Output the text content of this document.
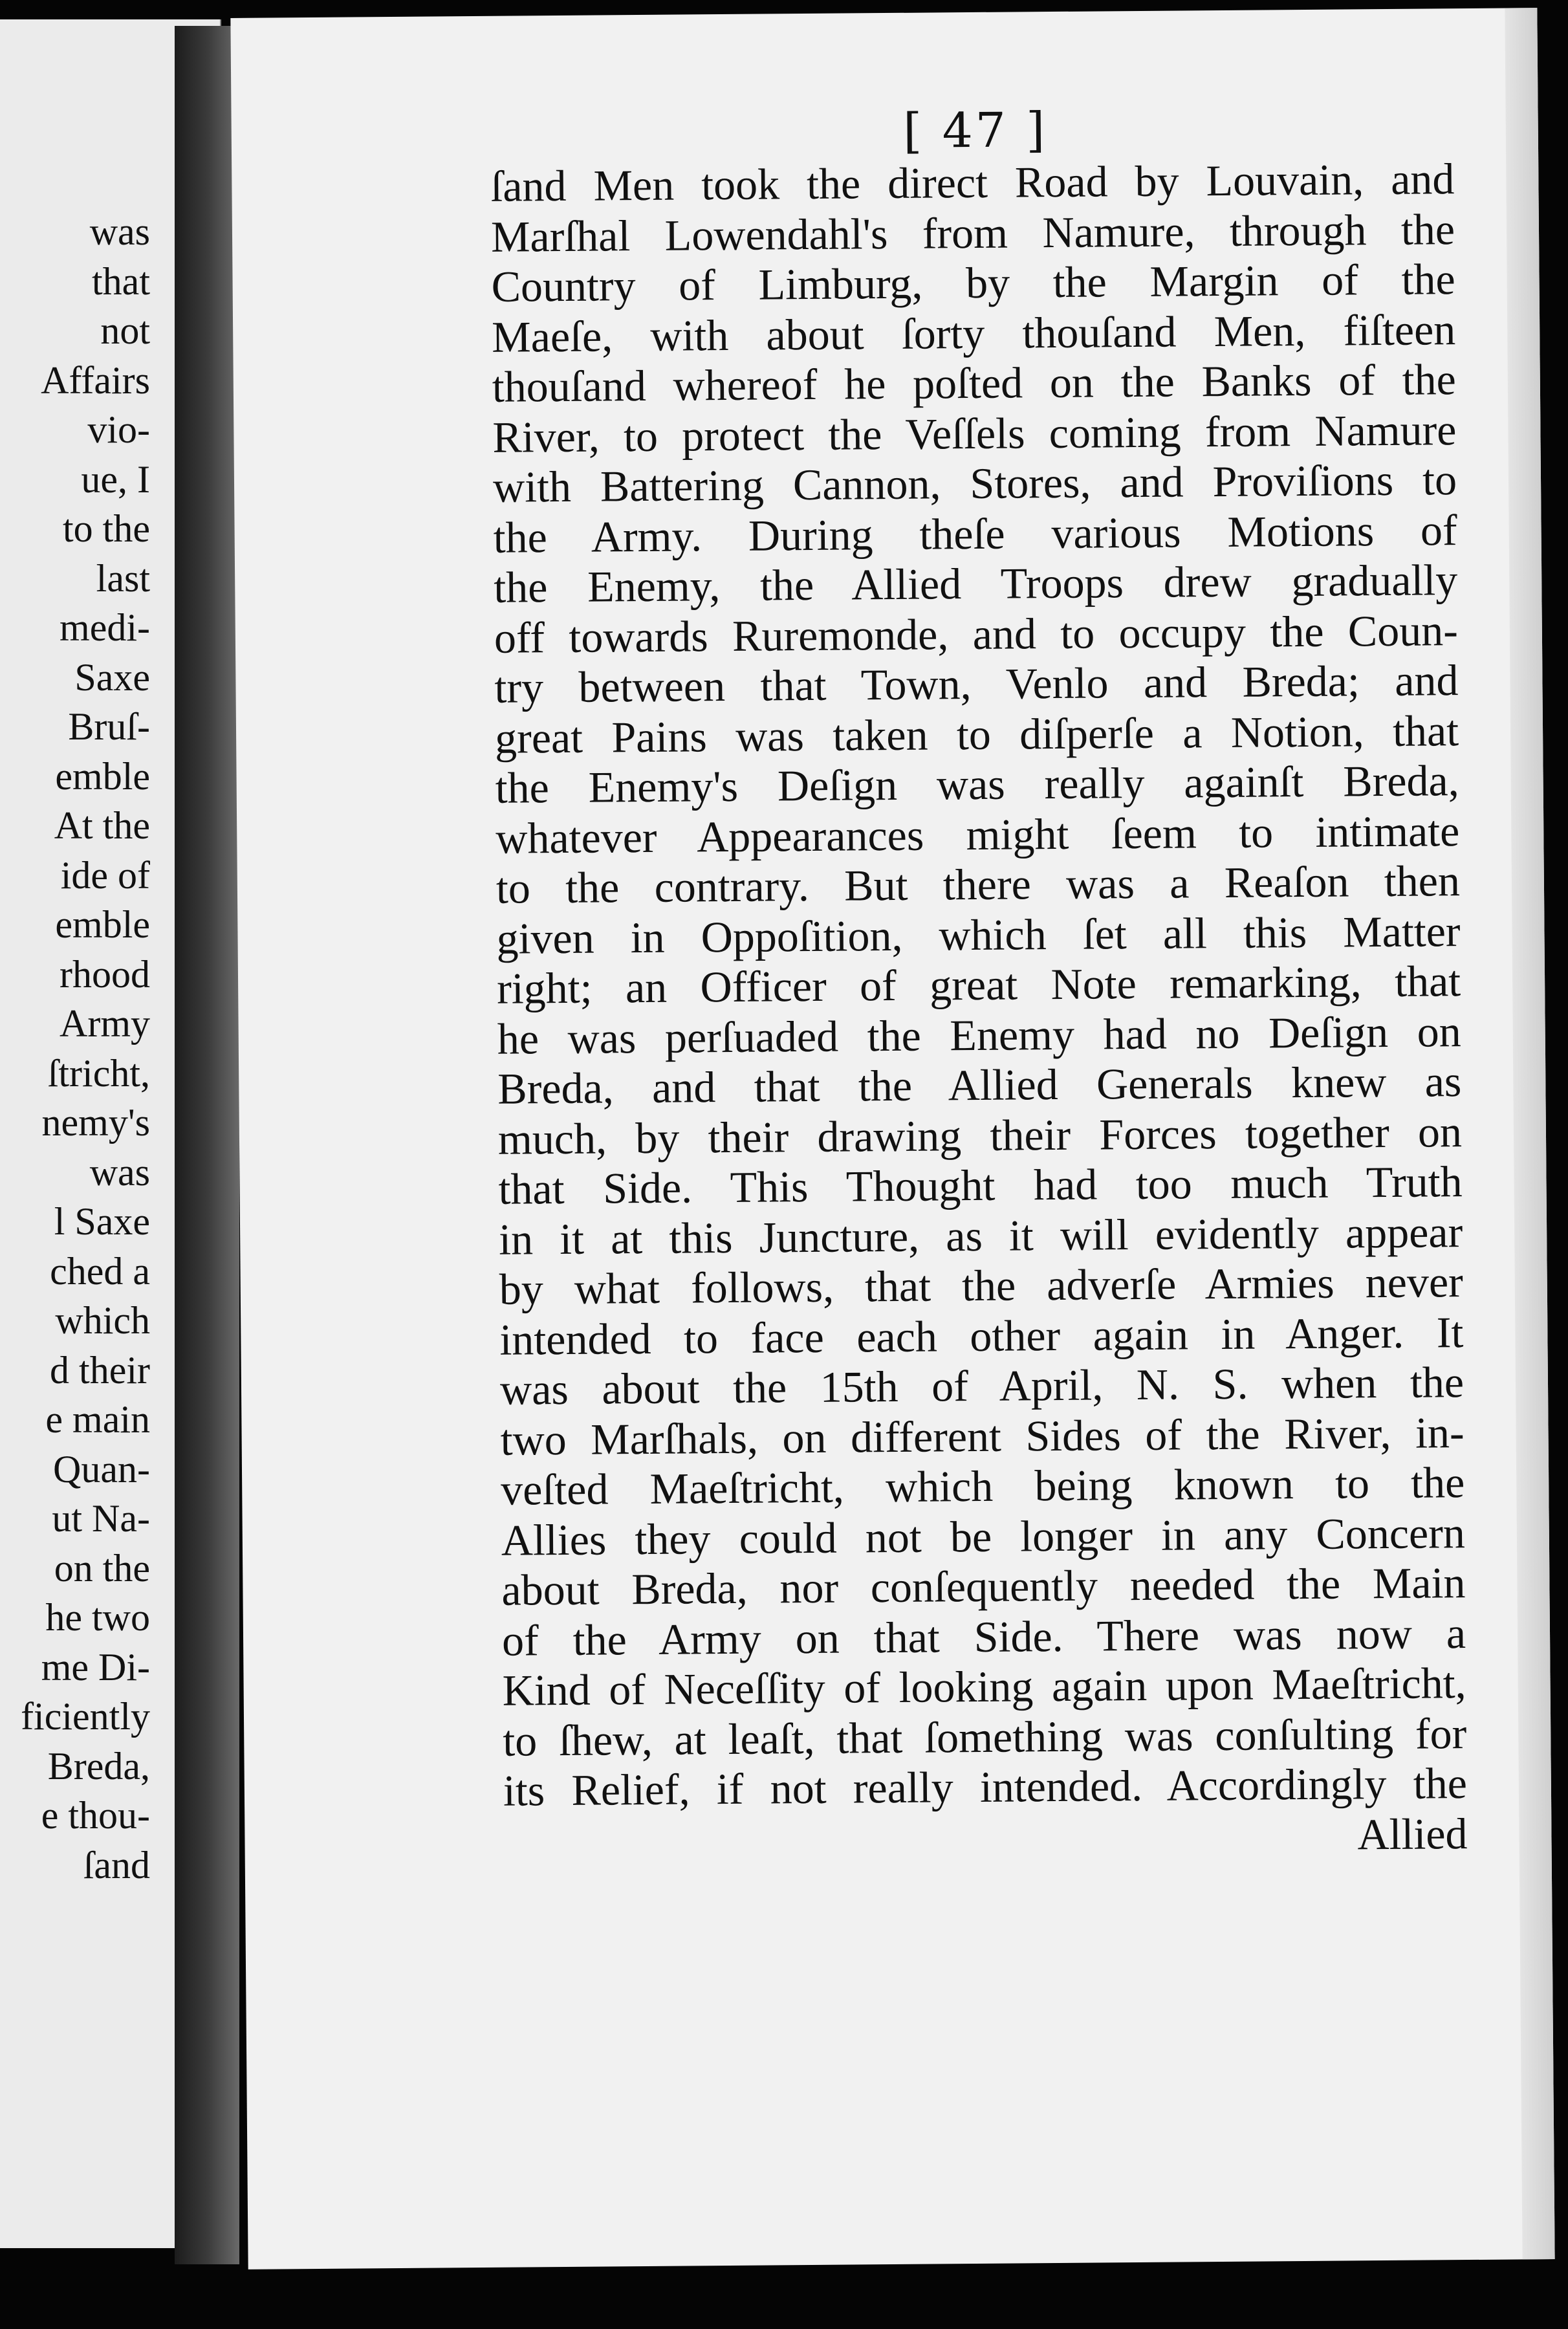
was
that
not
Affairs
vio-
ue, I
to the
last
medi-
Saxe
Bruſ-
emble
At the
ide of
emble
rhood
Army
ſtricht,
nemy's
was
l Saxe
ched a
which
d their
e main
Quan-
ut Na-
on the
he two
me Di-
ficiently
Breda,
e thou-
ſand
[ 47 ]
ſand Men took the direct Road by Louvain, and
Marſhal Lowendahl's from Namure, through the
Country of Limburg, by the Margin of the
Maeſe, with about ſorty thouſand Men, fiſteen
thouſand whereof he poſted on the Banks of the
River, to protect the Veſſels coming from Namure
with Battering Cannon, Stores, and Proviſions to
the Army. During theſe various Motions of
the Enemy, the Allied Troops drew gradually
off towards Ruremonde, and to occupy the Coun-
try between that Town, Venlo and Breda; and
great Pains was taken to diſperſe a Notion, that
the Enemy's Deſign was really againſt Breda,
whatever Appearances might ſeem to intimate
to the contrary. But there was a Reaſon then
given in Oppoſition, which ſet all this Matter
right; an Officer of great Note remarking, that
he was perſuaded the Enemy had no Deſign on
Breda, and that the Allied Generals knew as
much, by their drawing their Forces together on
that Side. This Thought had too much Truth
in it at this Juncture, as it will evidently appear
by what follows, that the adverſe Armies never
intended to face each other again in Anger. It
was about the 15th of April, N. S. when the
two Marſhals, on different Sides of the River, in-
veſted Maeſtricht, which being known to the
Allies they could not be longer in any Concern
about Breda, nor conſequently needed the Main
of the Army on that Side. There was now a
Kind of Neceſſity of looking again upon Maeſtricht,
to ſhew, at leaſt, that ſomething was conſulting for
its Relief, if not really intended. Accordingly the
Allied
